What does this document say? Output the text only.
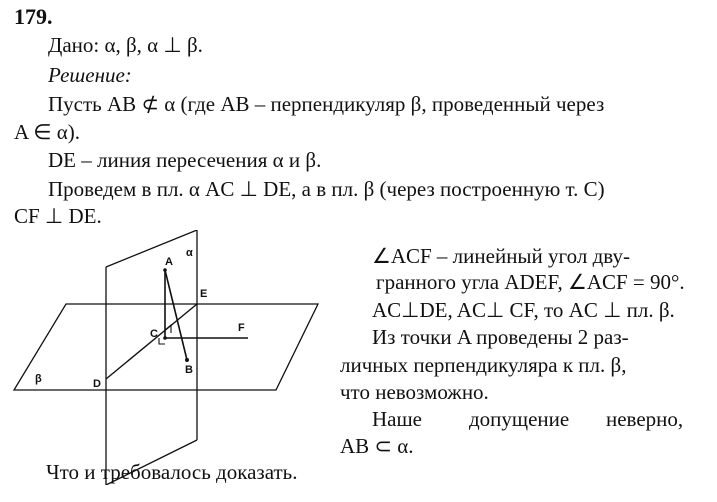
179.
Дано: α, β, α ⊥ β.
Решение:
Пусть AB ⊄ α (где AB – перпендикуляр β, проведенный через
A ∈ α).
DE – линия пересечения α и β.
Проведем в пл. α AC ⊥ DE, а в пл. β (через построенную т. C)
CF ⊥ DE.
α
A
E
F
C
B
β	D
∠ACF – линейный угол дву-
гранного угла ADEF, ∠ACF = 90°.
AC⊥DE, AC⊥ CF, то AC ⊥ пл. β.
Из точки A проведены 2 раз-
личных перпендикуляра к пл. β,
что невозможно.
Наше допущение неверно,
AB ⊂ α.
Что и требовалось доказать.
